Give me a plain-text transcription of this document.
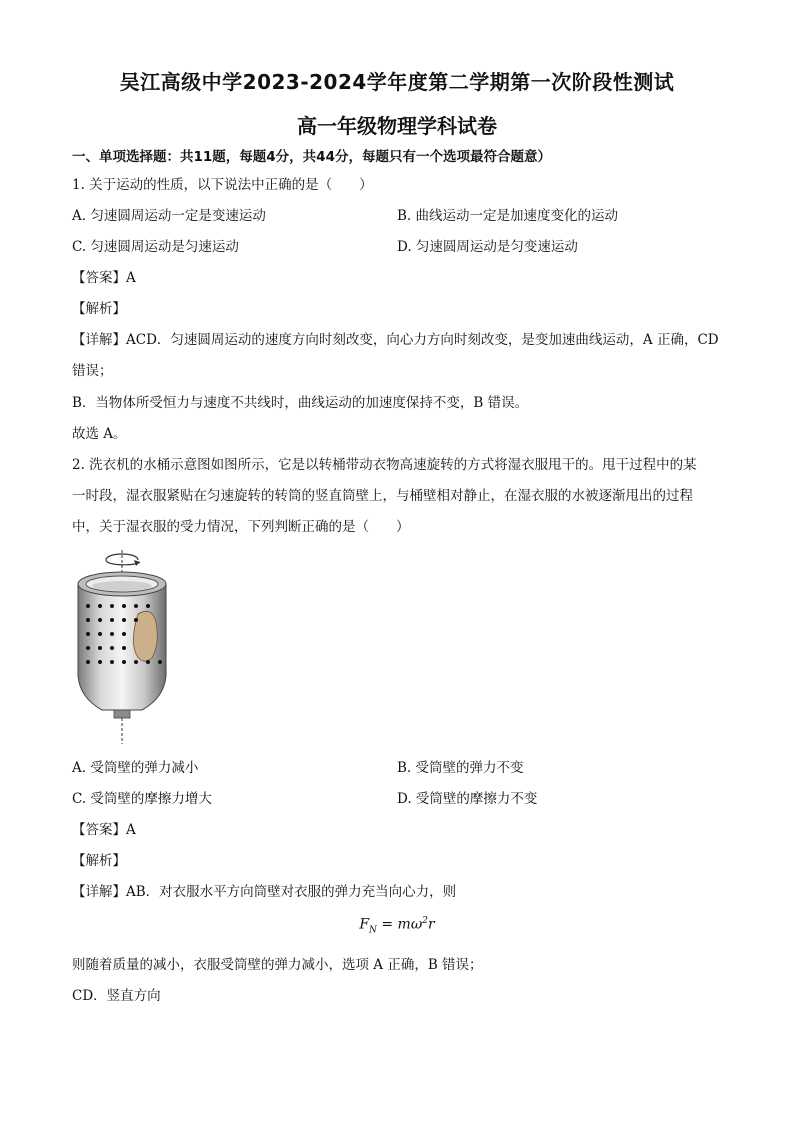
吴江高级中学2023-2024学年度第二学期第一次阶段性测试
高一年级物理学科试卷
一、单项选择题：共11题，每题4分，共44分，每题只有一个选项最符合题意）
1. 关于运动的性质，以下说法中正确的是（　　）
A. 匀速圆周运动一定是变速运动	B. 曲线运动一定是加速度变化的运动
C. 匀速圆周运动是匀速运动	D. 匀速圆周运动是匀变速运动
【答案】A
【解析】
【详解】ACD．匀速圆周运动的速度方向时刻改变，向心力方向时刻改变，是变加速曲线运动，A 正确，CD
错误；
B．当物体所受恒力与速度不共线时，曲线运动的加速度保持不变，B 错误。
故选 A。
2. 洗衣机的水桶示意图如图所示，它是以转桶带动衣物高速旋转的方式将湿衣服甩干的。甩干过程中的某
一时段，湿衣服紧贴在匀速旋转的转筒的竖直筒壁上，与桶壁相对静止，在湿衣服的水被逐渐甩出的过程
中，关于湿衣服的受力情况，下列判断正确的是（　　）
A. 受筒壁的弹力减小	B. 受筒壁的弹力不变
C. 受筒壁的摩擦力增大	D. 受筒壁的摩擦力不变
【答案】A
【解析】
【详解】AB．对衣服水平方向筒壁对衣服的弹力充当向心力，则
$F_N = m\omega^2r$
则随着质量的减小，衣服受筒壁的弹力减小，选项 A 正确，B 错误；
CD．竖直方向
